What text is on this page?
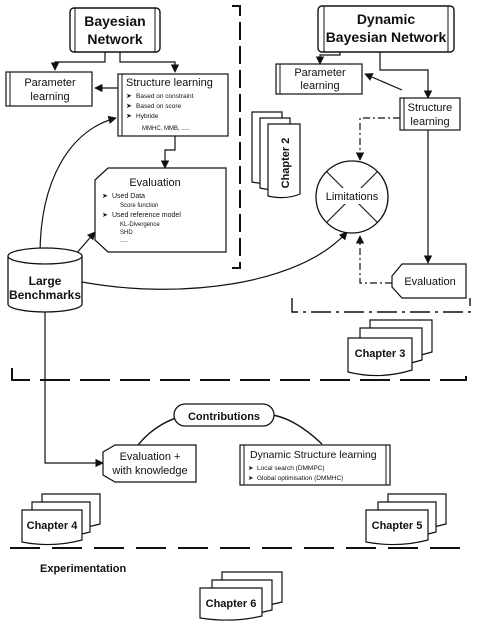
Bayesian
Network
Dynamic
Bayesian Network
Parameter
learning
Structure learning
➤ Based on constraint
➤ Based on score
➤ Hybride
MMHC, MMB, .....
Chapter 2
Evaluation
➤ Used Data
Score function
➤ Used reference model
KL-Divergence
SHD
.....
Parameter
learning
Structure
learning
Limitations
Evaluation
Large
Benchmarks
Chapter 3
Contributions
Evaluation +
with knowledge
Dynamic Structure learning
➤ Local search (DMMPC)
➤ Global optimisation (DMMHC)
Chapter 4	Chapter 5
Experimentation
Chapter 6
